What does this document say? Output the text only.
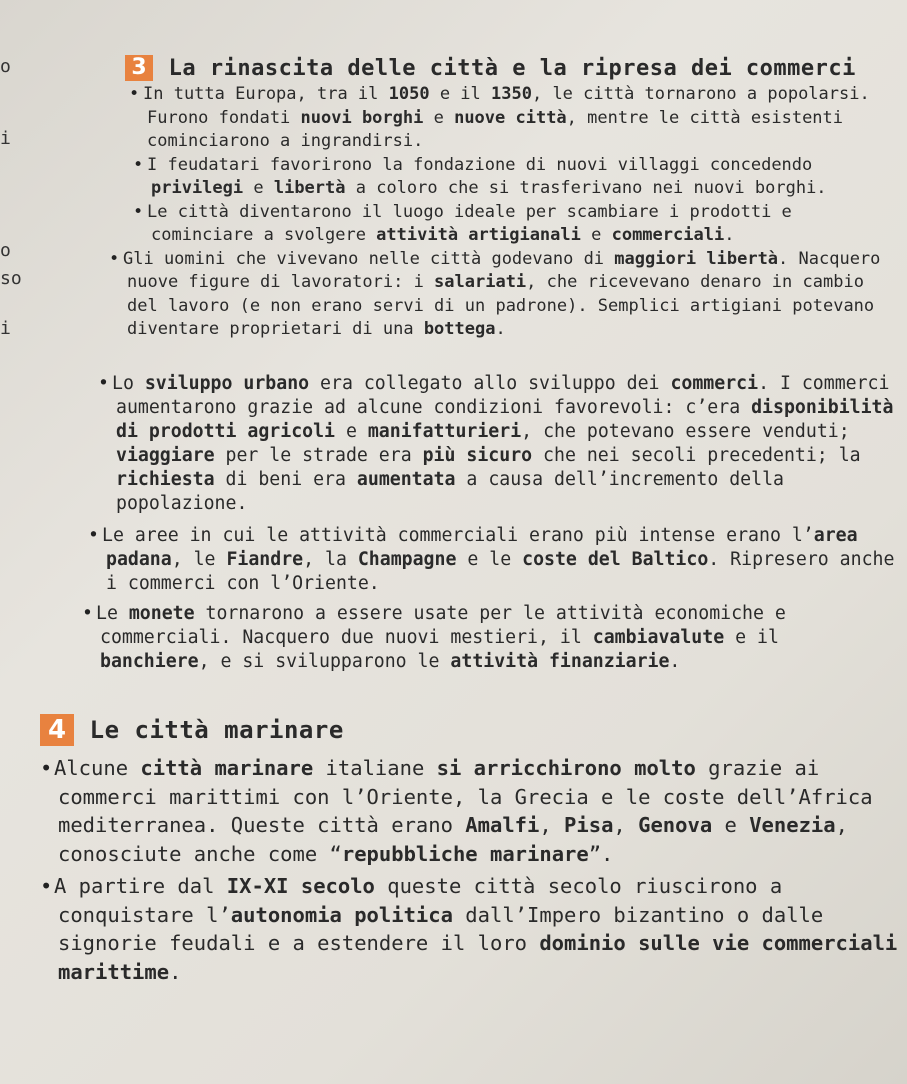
o
i
o
so
i
3 La rinascita delle città e la ripresa dei commerci

• In tutta Europa, tra il 1050 e il 1350, le città tornarono a popolarsi. Furono fondati nuovi borghi e nuove città, mentre le città esistenti cominciarono a ingrandirsi.

• I feudatari favorirono la fondazione di nuovi villaggi concedendo privilegi e libertà a coloro che si trasferivano nei nuovi borghi.

• Le città diventarono il luogo ideale per scambiare i prodotti e cominciare a svolgere attività artigianali e commerciali.

• Gli uomini che vivevano nelle città godevano di maggiori libertà. Nacquero nuove figure di lavoratori: i salariati, che ricevevano denaro in cambio del lavoro (e non erano servi di un padrone). Semplici artigiani potevano diventare proprietari di una bottega.

• Lo sviluppo urbano era collegato allo sviluppo dei commerci. I commerci aumentarono grazie ad alcune condizioni favorevoli: c’era disponibilità di prodotti agricoli e manifatturieri, che potevano essere venduti; viaggiare per le strade era più sicuro che nei secoli precedenti; la richiesta di beni era aumentata a causa dell’incremento della popolazione.

• Le aree in cui le attività commerciali erano più intense erano l’area padana, le Fiandre, la Champagne e le coste del Baltico. Ripresero anche i commerci con l’Oriente.

• Le monete tornarono a essere usate per le attività economiche e commerciali. Nacquero due nuovi mestieri, il cambiavalute e il banchiere, e si svilupparono le attività finanziarie.

4 Le città marinare

•Alcune città marinare italiane si arricchirono molto grazie ai commerci marittimi con l’Oriente, la Grecia e le coste dell’Africa mediterranea. Queste città erano Amalfi, Pisa, Genova e Venezia, conosciute anche come “repubbliche marinare”.

•A partire dal IX-XI secolo queste città secolo riuscirono a conquistare l’autonomia politica dall’Impero bizantino o dalle signorie feudali e a estendere il loro dominio sulle vie commerciali marittime.
